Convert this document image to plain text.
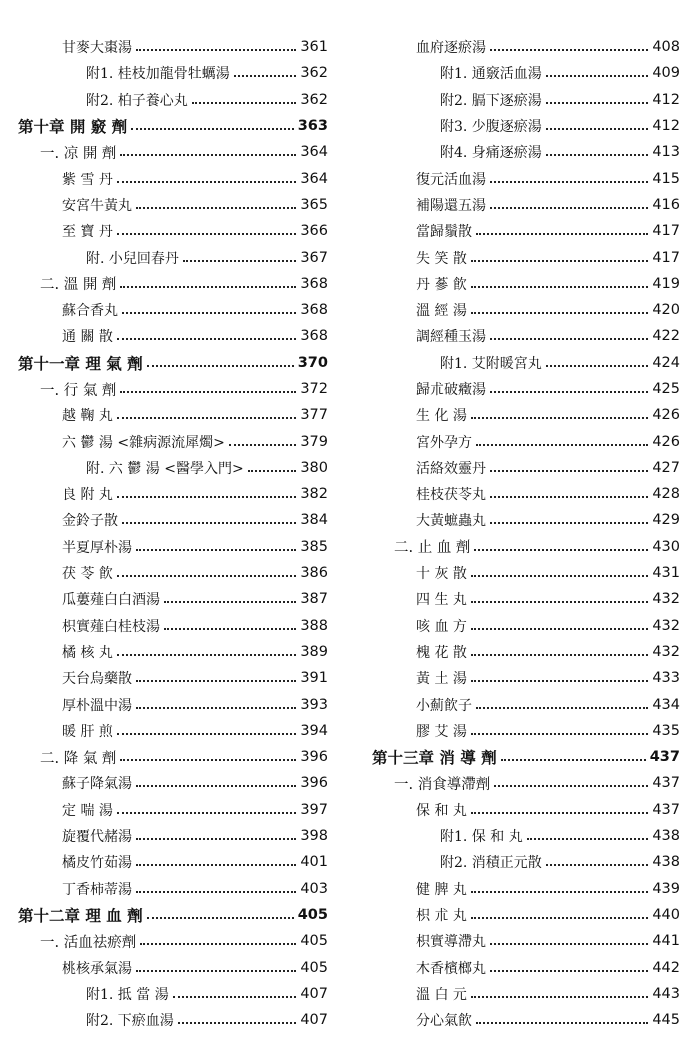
甘麥大棗湯	361
附1. 桂枝加龍骨牡蠣湯	362
附2. 柏子養心丸	362
第十章 開 竅 劑	363
一. 凉 開 劑	364
紫 雪 丹	364
安宮牛黃丸	365
至 寶 丹	366
附. 小兒回春丹	367
二. 溫 開 劑	368
蘇合香丸	368
通 關 散	368
第十一章 理 氣 劑	370
一. 行 氣 劑	372
越 鞠 丸	377
六 鬱 湯 <雜病源流犀燭>	379
附. 六 鬱 湯 <醫學入門>	380
良 附 丸	382
金鈴子散	384
半夏厚朴湯	385
茯 苓 飮	386
瓜蔞薤白白酒湯	387
枳實薤白桂枝湯	388
橘 核 丸	389
天台烏藥散	391
厚朴溫中湯	393
暖 肝 煎	394
二. 降 氣 劑	396
蘇子降氣湯	396
定 喘 湯	397
旋覆代赭湯	398
橘皮竹茹湯	401
丁香柿蒂湯	403
第十二章 理 血 劑	405
一. 活血祛瘀劑	405
桃核承氣湯	405
附1. 抵 當 湯	407
附2. 下瘀血湯	407
血府逐瘀湯	408
附1. 通竅活血湯	409
附2. 膈下逐瘀湯	412
附3. 少腹逐瘀湯	412
附4. 身痛逐瘀湯	413
復元活血湯	415
補陽還五湯	416
當歸鬚散	417
失 笑 散	417
丹 蔘 飮	419
溫 經 湯	420
調經種玉湯	422
附1. 艾附暖宮丸	424
歸朮破癥湯	425
生 化 湯	426
宮外孕方	426
活絡效靈丹	427
桂枝茯苓丸	428
大黃蟅蟲丸	429
二. 止 血 劑	430
十 灰 散	431
四 生 丸	432
咳 血 方	432
槐 花 散	432
黃 土 湯	433
小薊飮子	434
膠 艾 湯	435
第十三章 消 導 劑	437
一. 消食導滯劑	437
保 和 丸	437
附1. 保 和 丸	438
附2. 消積正元散	438
健 脾 丸	439
枳 朮 丸	440
枳實導滯丸	441
木香檳榔丸	442
溫 白 元	443
分心氣飮	445
